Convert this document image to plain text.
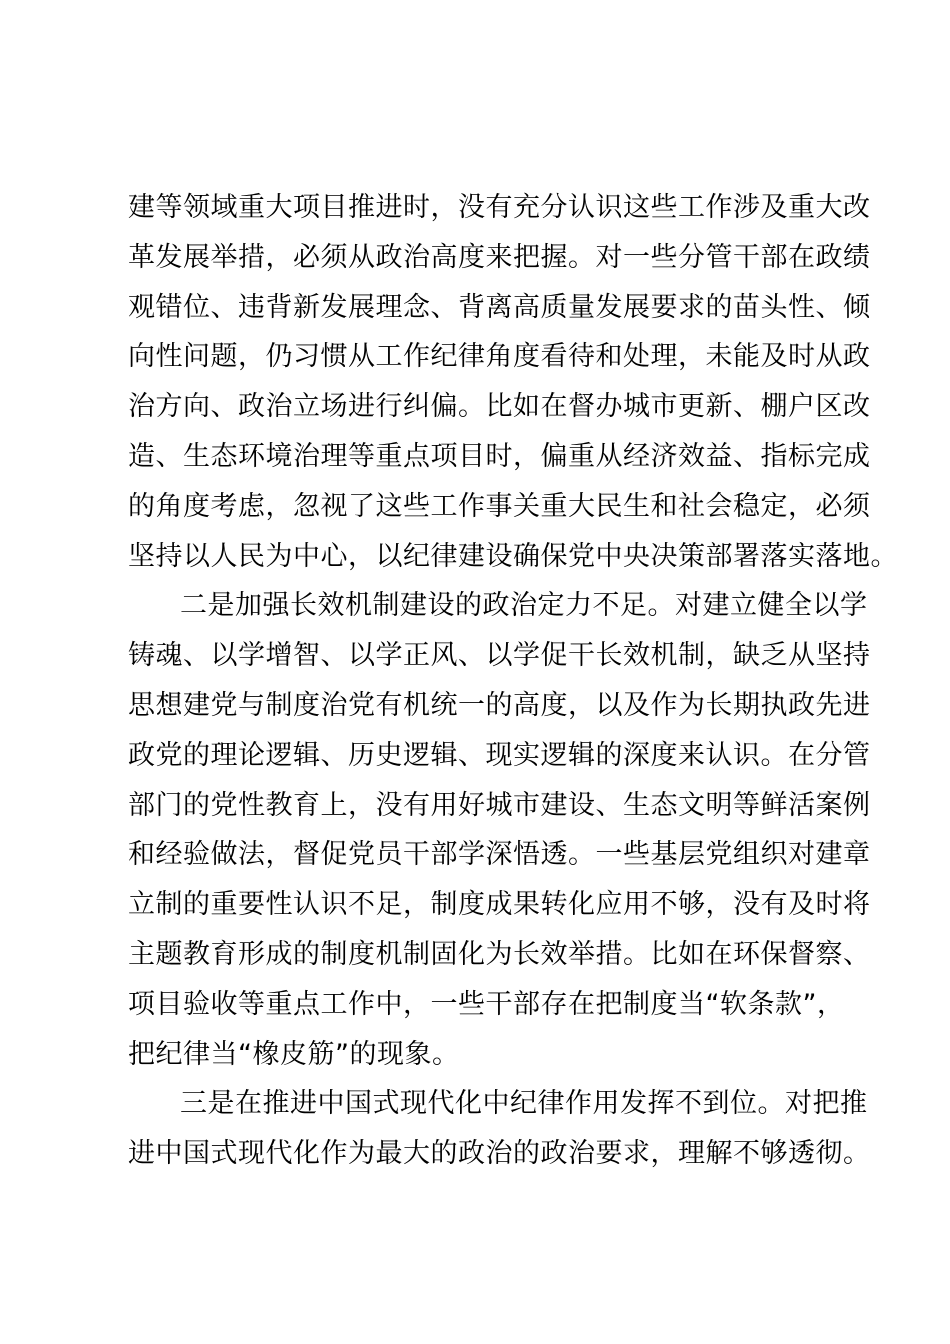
建等领域重大项目推进时，没有充分认识这些工作涉及重大改
革发展举措，必须从政治高度来把握。对一些分管干部在政绩
观错位、违背新发展理念、背离高质量发展要求的苗头性、倾
向性问题，仍习惯从工作纪律角度看待和处理，未能及时从政
治方向、政治立场进行纠偏。比如在督办城市更新、棚户区改
造、生态环境治理等重点项目时，偏重从经济效益、指标完成
的角度考虑，忽视了这些工作事关重大民生和社会稳定，必须
坚持以人民为中心，以纪律建设确保党中央决策部署落实落地。
二是加强长效机制建设的政治定力不足。对建立健全以学
铸魂、以学增智、以学正风、以学促干长效机制，缺乏从坚持
思想建党与制度治党有机统一的高度，以及作为长期执政先进
政党的理论逻辑、历史逻辑、现实逻辑的深度来认识。在分管
部门的党性教育上，没有用好城市建设、生态文明等鲜活案例
和经验做法，督促党员干部学深悟透。一些基层党组织对建章
立制的重要性认识不足，制度成果转化应用不够，没有及时将
主题教育形成的制度机制固化为长效举措。比如在环保督察、
项目验收等重点工作中，一些干部存在把制度当“软条款”，
把纪律当“橡皮筋”的现象。
三是在推进中国式现代化中纪律作用发挥不到位。对把推
进中国式现代化作为最大的政治的政治要求，理解不够透彻。
